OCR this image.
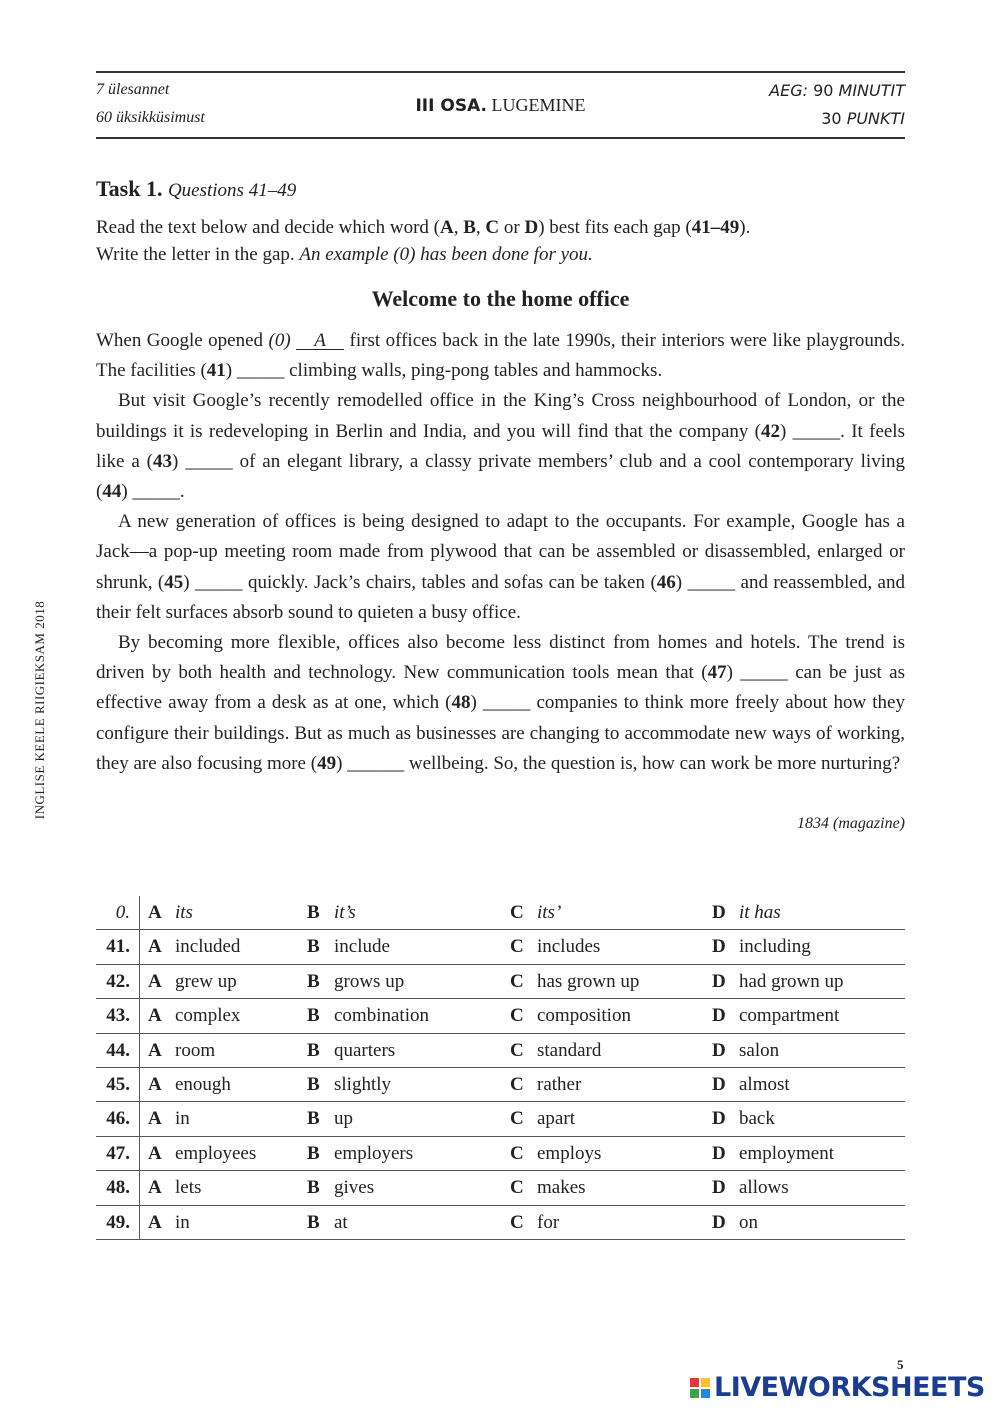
7 ülesannet
60 üksikküsimust
III OSA. LUGEMINE
AEG: 90 MINUTIT
30 PUNKTI
INGLISE KEELE RIIGIEKSAM 2018
Task 1. Questions 41–49
Read the text below and decide which word (A, B, C or D) best fits each gap (41–49).
Write the letter in the gap. An example (0) has been done for you.
Welcome to the home office

When Google opened (0) A first offices back in the late 1990s, their interiors were like playgrounds. The facilities (41) _____ climbing walls, ping-pong tables and hammocks.

But visit Google’s recently remodelled office in the King’s Cross neighbourhood of London, or the buildings it is redeveloping in Berlin and India, and you will find that the company (42) _____. It feels like a (43) _____ of an elegant library, a classy private members’ club and a cool contemporary living (44) _____.

A new generation of offices is being designed to adapt to the occupants. For example, Google has a Jack—a pop-up meeting room made from plywood that can be assembled or disassembled, enlarged or shrunk, (45) _____ quickly. Jack’s chairs, tables and sofas can be taken (46) _____ and reassembled, and their felt surfaces absorb sound to quieten a busy office.

By becoming more flexible, offices also become less distinct from homes and hotels. The trend is driven by both health and technology. New communication tools mean that (47) _____ can be just as effective away from a desk as at one, which (48) _____ companies to think more freely about how they configure their buildings. But as much as businesses are changing to accommodate new ways of working, they are also focusing more (49) ______ wellbeing. So, the question is, how can work be more nurturing?

1834 (magazine)
0. A its	B it’s	C its’	D it has
41. A included	B include	C includes	D including
42. A grew up	B grows up	C has grown up	D had grown up
43. A complex	B combination	C composition	D compartment
44. A room	B quarters	C standard	D salon
45. A enough	B slightly	C rather	D almost
46. A in	B up	C apart	D back
47. A employees	B employers	C employs	D employment
48. A lets	B gives	C makes	D allows
49. A in	B at	C for	D on
5
LIVEWORKSHEETS
